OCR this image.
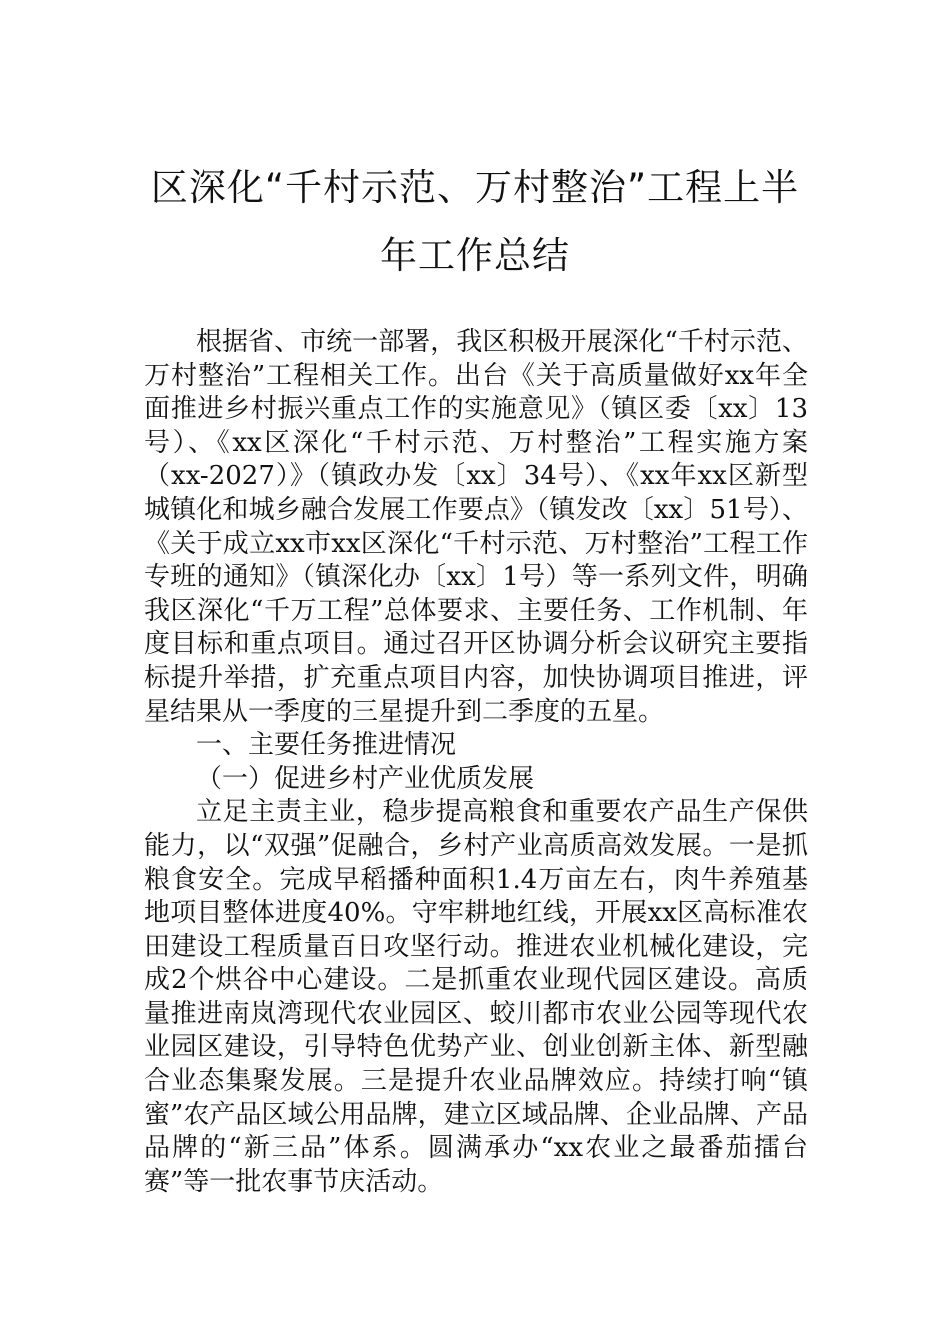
区深化“千村示范、万村整治”工程上半
年工作总结

根据省、市统一部署，我区积极开展深化“千村示范、万村整治”工程相关工作。出台《关于高质量做好xx年全面推进乡村振兴重点工作的实施意见》（镇区委〔xx〕13号）、《xx区深化“千村示范、万村整治”工程实施方案（xx-2027）》（镇政办发〔xx〕34号）、《xx年xx区新型城镇化和城乡融合发展工作要点》（镇发改〔xx〕51号）、《关于成立xx市xx区深化“千村示范、万村整治”工程工作专班的通知》（镇深化办〔xx〕1号）等一系列文件，明确我区深化“千万工程”总体要求、主要任务、工作机制、年度目标和重点项目。通过召开区协调分析会议研究主要指标提升举措，扩充重点项目内容，加快协调项目推进，评星结果从一季度的三星提升到二季度的五星。

一、主要任务推进情况

（一）促进乡村产业优质发展

立足主责主业，稳步提高粮食和重要农产品生产保供能力，以“双强”促融合，乡村产业高质高效发展。一是抓粮食安全。完成早稻播种面积1.4万亩左右，肉牛养殖基地项目整体进度40%。守牢耕地红线，开展xx区高标准农田建设工程质量百日攻坚行动。推进农业机械化建设，完成2个烘谷中心建设。二是抓重农业现代园区建设。高质量推进南岚湾现代农业园区、蛟川都市农业公园等现代农业园区建设，引导特色优势产业、创业创新主体、新型融合业态集聚发展。三是提升农业品牌效应。持续打响“镇蜜”农产品区域公用品牌，建立区域品牌、企业品牌、产品品牌的“新三品”体系。圆满承办“xx农业之最番茄擂台赛”等一批农事节庆活动。
